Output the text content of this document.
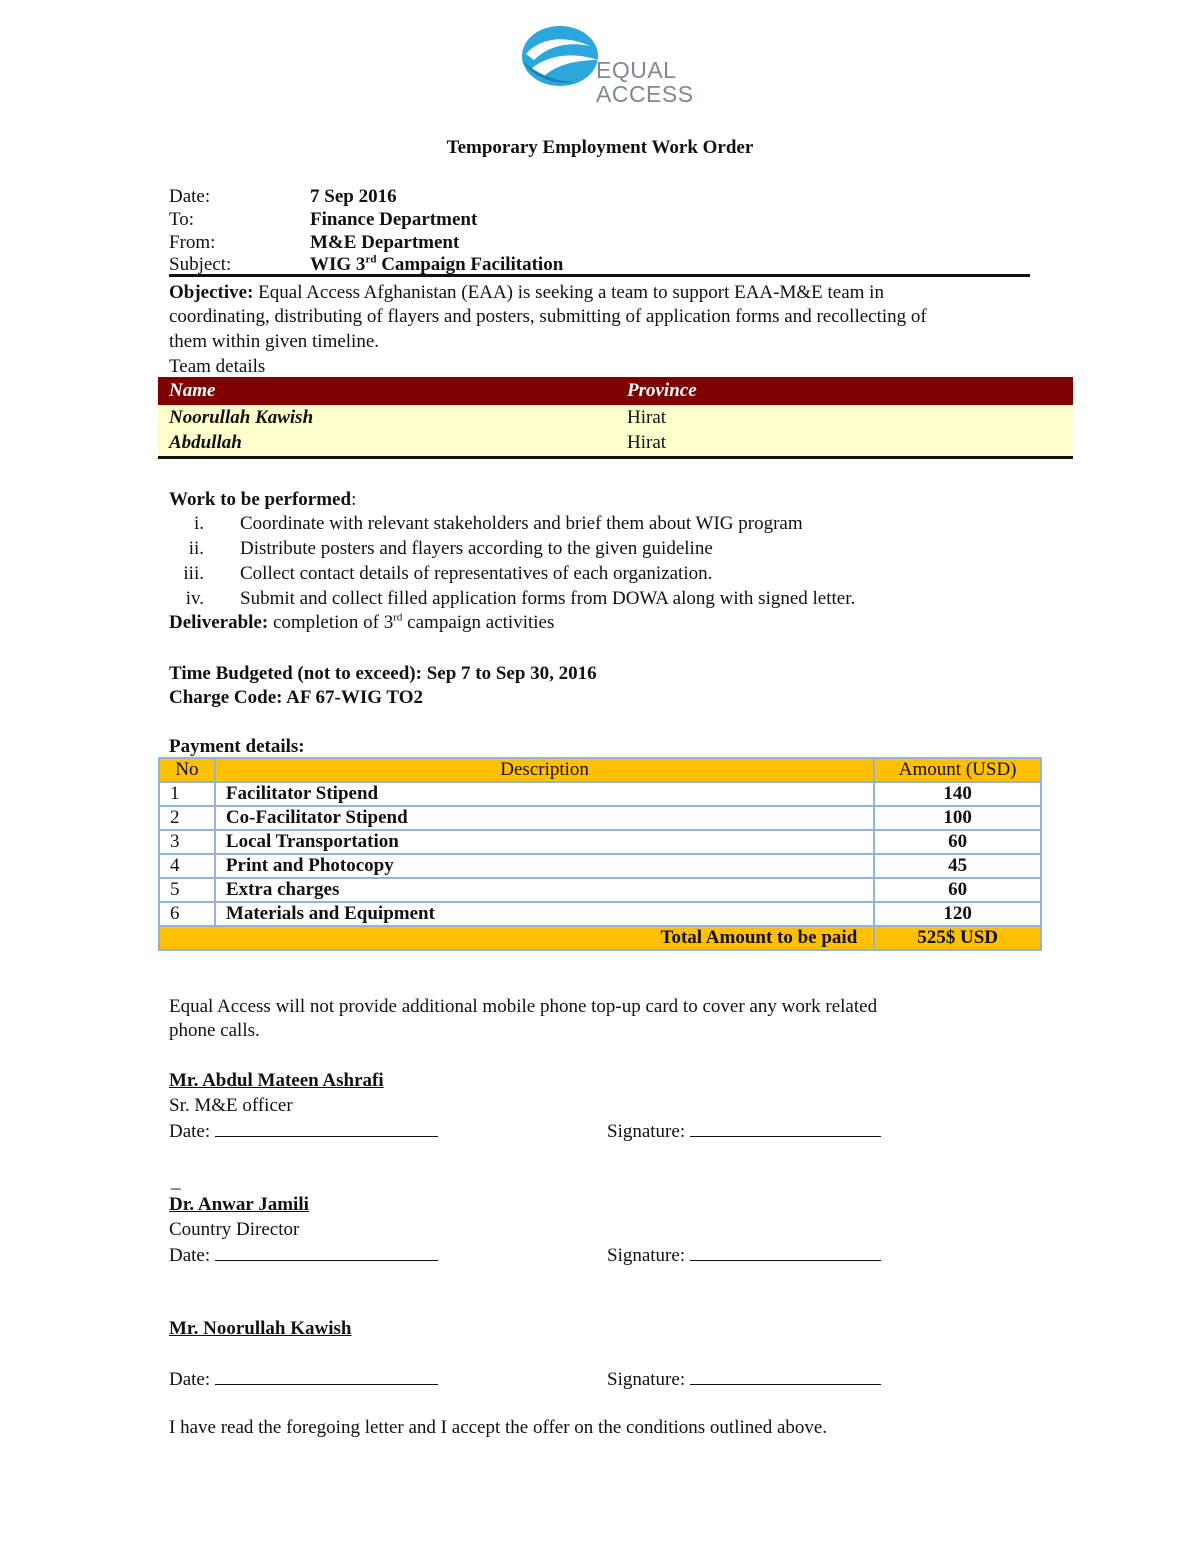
EQUAL
ACCESS
Temporary Employment Work Order
Date:	7 Sep 2016
To:	Finance Department
From:	M&E Department
Subject:	WIG 3rd Campaign Facilitation
Objective: Equal Access Afghanistan (EAA) is seeking a team to support EAA-M&E team in
coordinating, distributing of flayers and posters, submitting of application forms and recollecting of
them within given timeline.
Team details
Name	Province
Noorullah Kawish	Hirat
Abdullah	Hirat
Work to be performed:
i. Coordinate with relevant stakeholders and brief them about WIG program
ii. Distribute posters and flayers according to the given guideline
iii. Collect contact details of representatives of each organization.
iv. Submit and collect filled application forms from DOWA along with signed letter.
Deliverable: completion of 3rd campaign activities
Time Budgeted (not to exceed): Sep 7 to Sep 30, 2016
Charge Code: AF 67-WIG TO2
Payment details:
No	Description	Amount (USD)
1	Facilitator Stipend	140
2	Co-Facilitator Stipend	100
3	Local Transportation	60
4	Print and Photocopy	45
5	Extra charges	60
6	Materials and Equipment	120
	Total Amount to be paid	525$ USD
Equal Access will not provide additional mobile phone top-up card to cover any work related
phone calls.
Mr. Abdul Mateen Ashrafi
Sr. M&E officer
Date:	Signature:
_
Dr. Anwar Jamili
Country Director
Date:	Signature:
Mr. Noorullah Kawish
Date:	Signature:
I have read the foregoing letter and I accept the offer on the conditions outlined above.
